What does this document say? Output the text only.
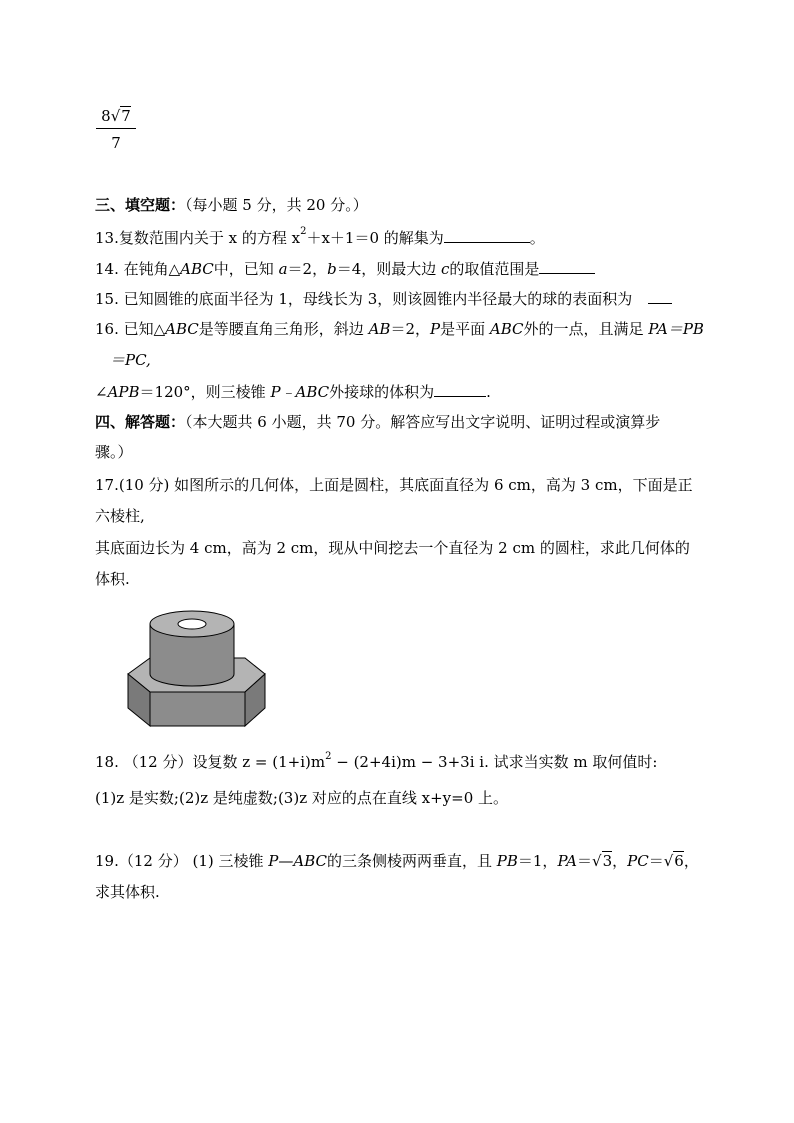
8√7
7
三、填空题：（每小题 5 分，共 20 分。）
13.复数范围内关于 x 的方程 $x^2+x+1=0$ 的解集为	。
14. 在钝角△ABC中，已知 a＝2，b＝4，则最大边 c的取值范围是
15. 已知圆锥的底面半径为 1，母线长为 3，则该圆锥内半径最大的球的表面积为
16. 已知△ABC是等腰直角三角形，斜边 AB＝2，P是平面 ABC外的一点，且满足 PA＝PB
＝PC,
∠APB＝120°，则三棱锥 P﹣ABC外接球的体积为	.
四、解答题：（本大题共 6 小题，共 70 分。解答应写出文字说明、证明过程或演算步
骤。）
17.(10 分) 如图所示的几何体，上面是圆柱，其底面直径为 6 cm，高为 3 cm，下面是正
六棱柱,
其底面边长为 4 cm，高为 2 cm，现从中间挖去一个直径为 2 cm 的圆柱，求此几何体的
体积.
18. （12 分）设复数 $z = (1+i)m^2 - (2+4i)m - 3+3i$ i. 试求当实数 m 取何值时:
(1)z 是实数;(2)z 是纯虚数;(3)z 对应的点在直线 x+y=0 上。
19.（12 分） (1) 三棱锥 P—ABC的三条侧棱两两垂直，且 PB＝1，PA＝√3，PC＝√6，
求其体积.
